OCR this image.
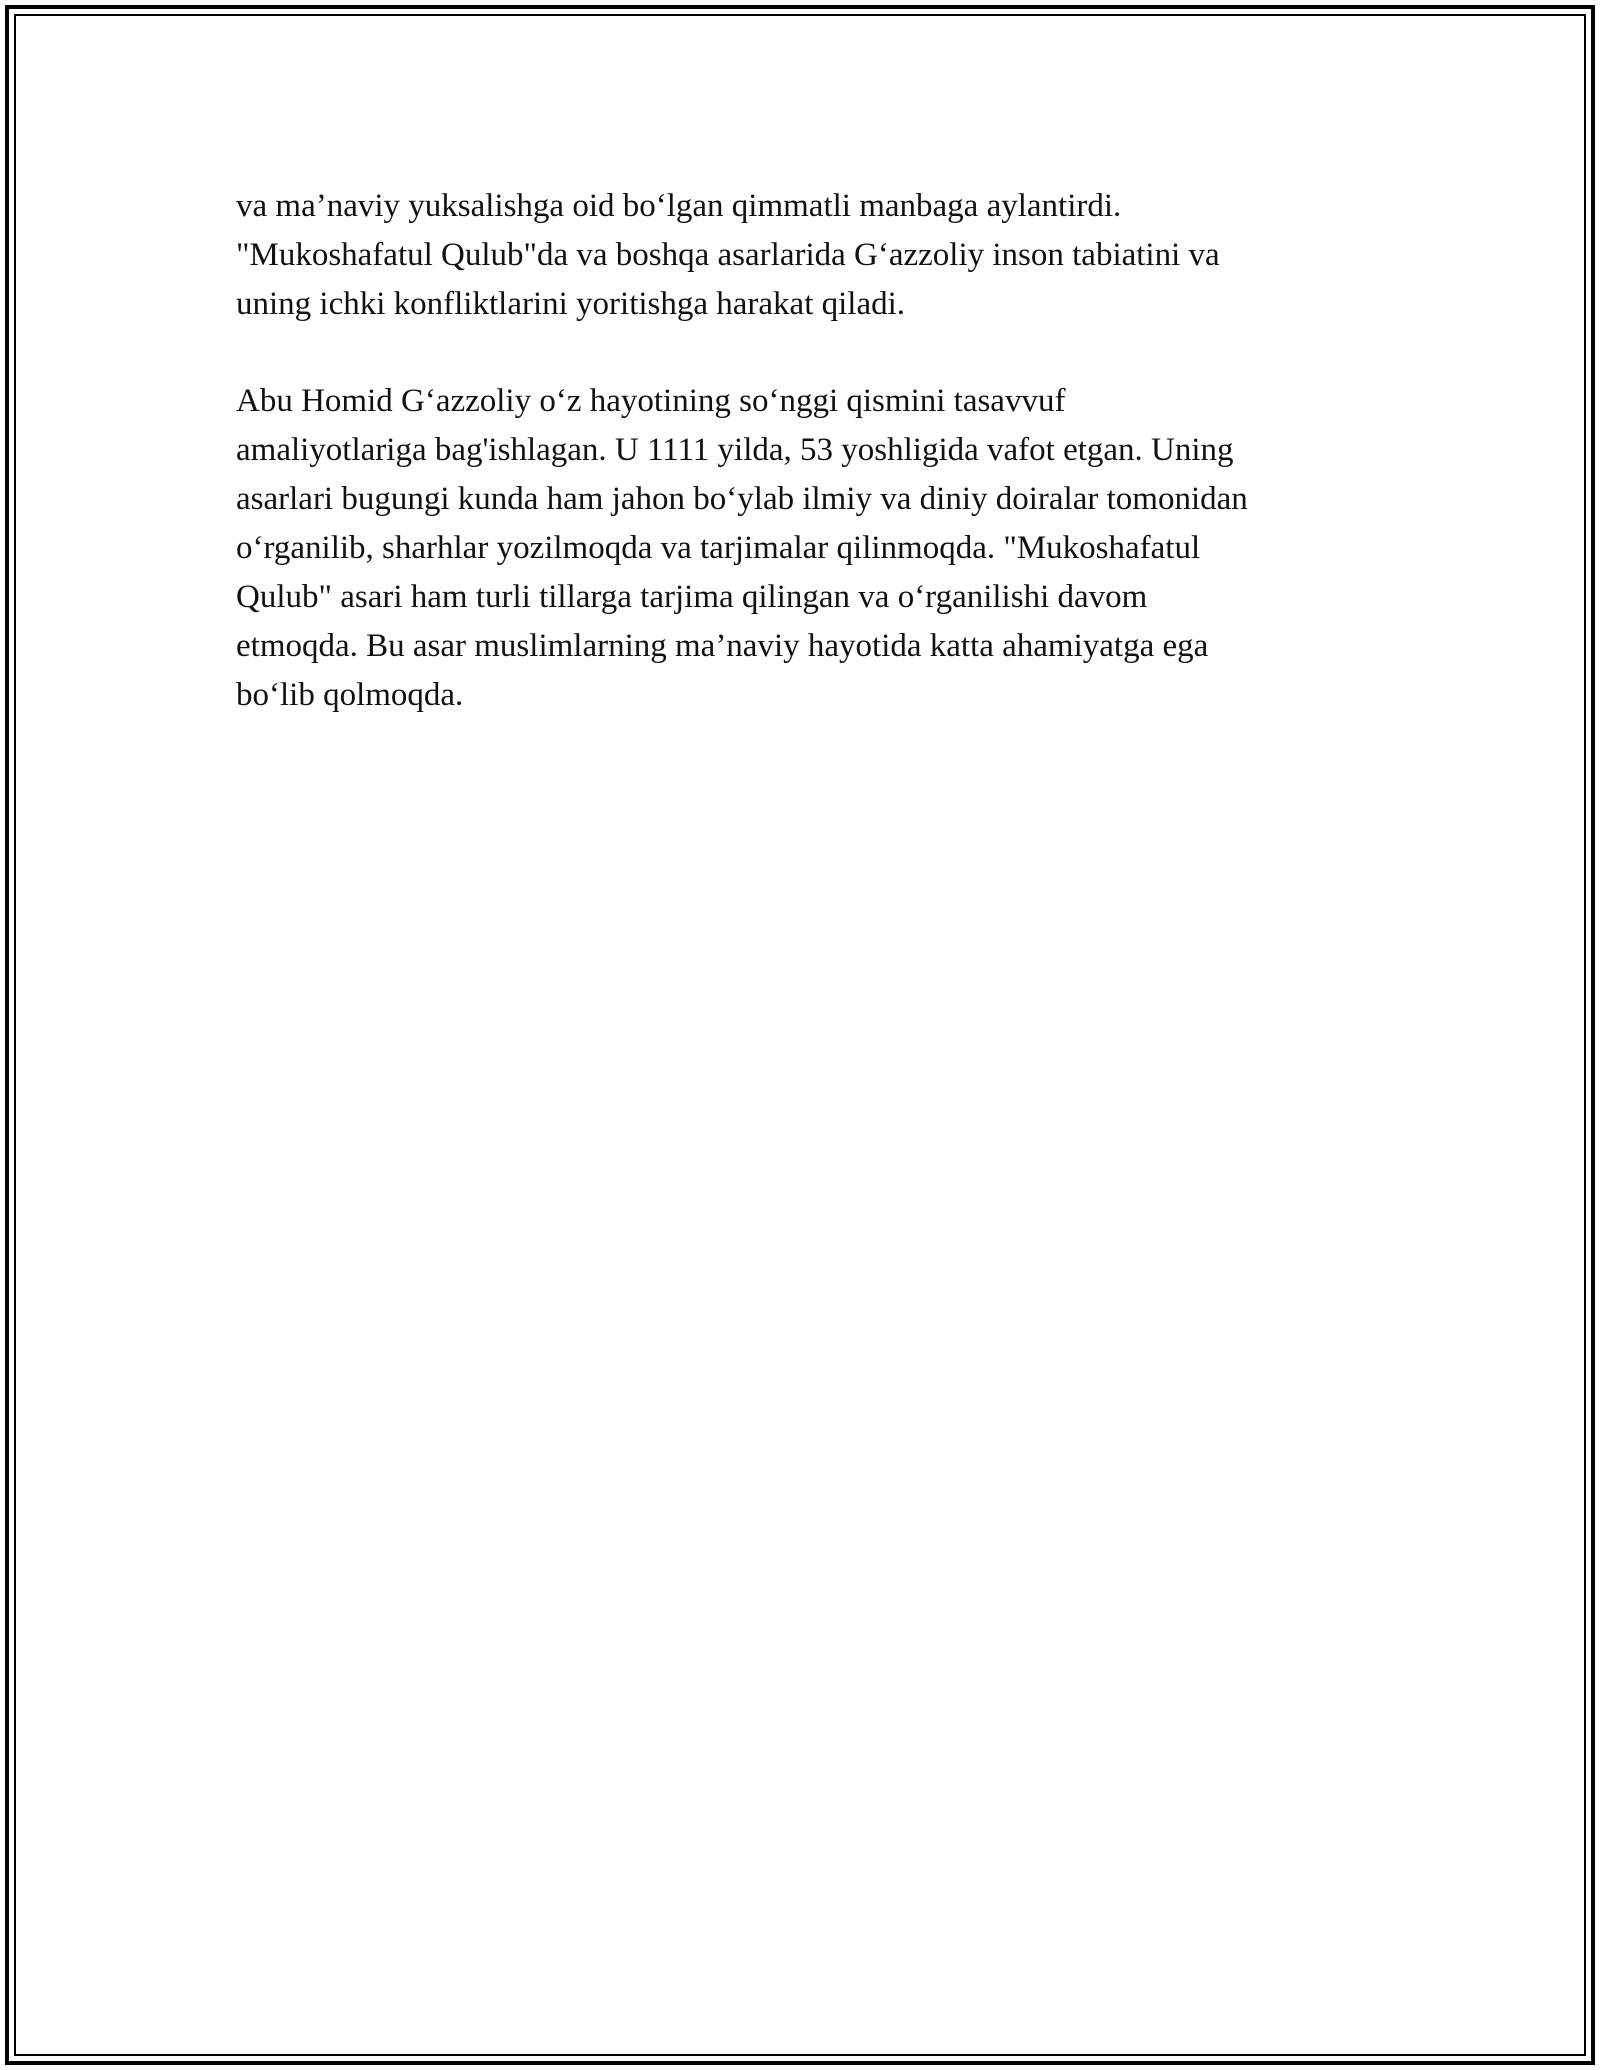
va ma’naviy yuksalishga oid bo‘lgan qimmatli manbaga aylantirdi.
"Mukoshafatul Qulub"da va boshqa asarlarida G‘azzoliy inson tabiatini va
uning ichki konfliktlarini yoritishga harakat qiladi.

Abu Homid G‘azzoliy o‘z hayotining so‘nggi qismini tasavvuf
amaliyotlariga bag'ishlagan. U 1111 yilda, 53 yoshligida vafot etgan. Uning
asarlari bugungi kunda ham jahon bo‘ylab ilmiy va diniy doiralar tomonidan
o‘rganilib, sharhlar yozilmoqda va tarjimalar qilinmoqda. "Mukoshafatul
Qulub" asari ham turli tillarga tarjima qilingan va o‘rganilishi davom
etmoqda. Bu asar muslimlarning ma’naviy hayotida katta ahamiyatga ega
bo‘lib qolmoqda.
